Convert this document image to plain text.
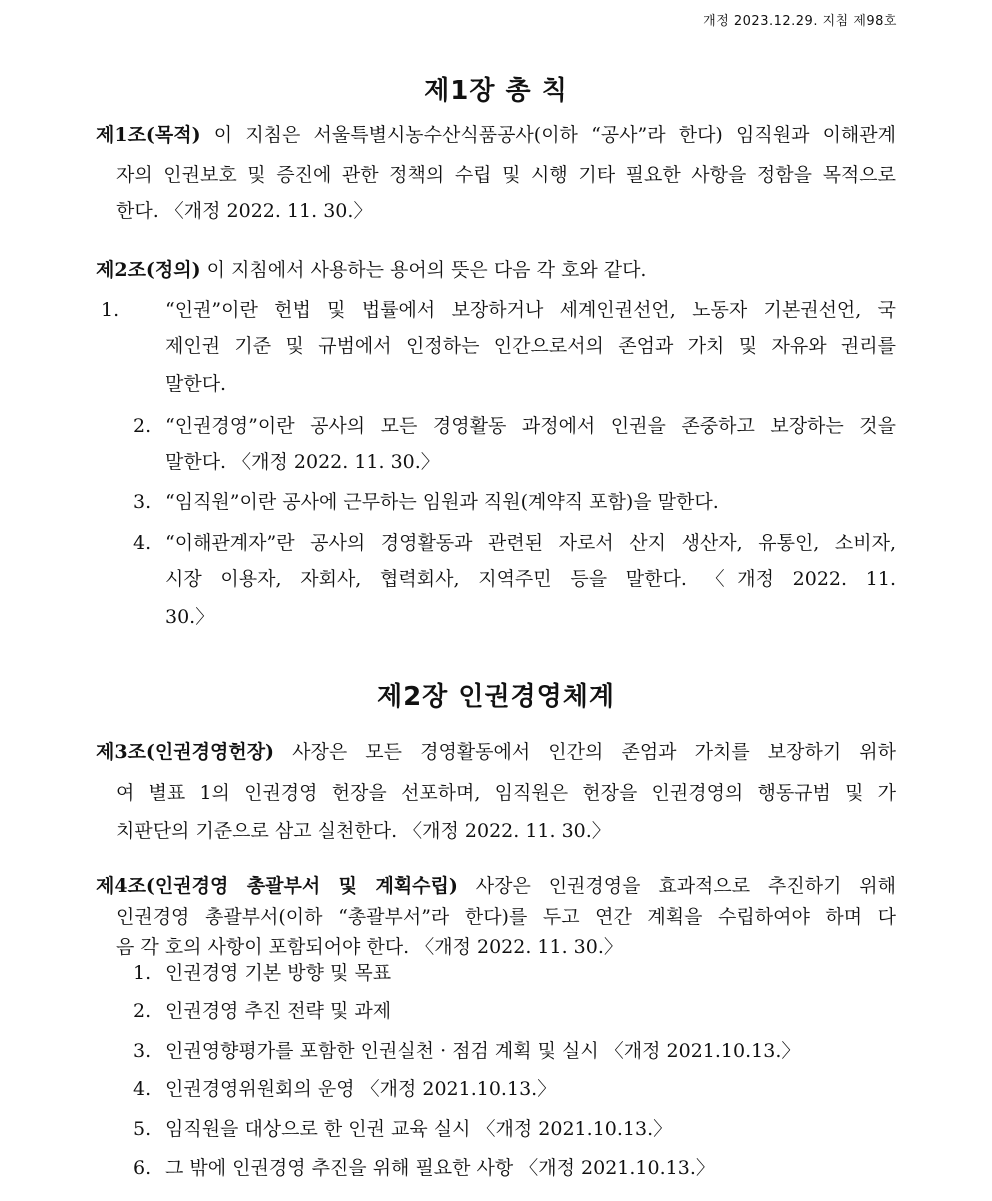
개정 2023.12.29. 지침 제98호
제1장 총 칙
제1조(목적) 이 지침은 서울특별시농수산식품공사(이하 “공사”라 한다) 임직원과 이해관계
자의 인권보호 및 증진에 관한 정책의 수립 및 시행 기타 필요한 사항을 정함을 목적으로
한다. 〈개정 2022. 11. 30.〉
제2조(정의) 이 지침에서 사용하는 용어의 뜻은 다음 각 호와 같다.
1. “인권”이란 헌법 및 법률에서 보장하거나 세계인권선언, 노동자 기본권선언, 국
제인권 기준 및 규범에서 인정하는 인간으로서의 존엄과 가치 및 자유와 권리를
말한다.
2. “인권경영”이란 공사의 모든 경영활동 과정에서 인권을 존중하고 보장하는 것을
말한다. 〈개정 2022. 11. 30.〉
3. “임직원”이란 공사에 근무하는 임원과 직원(계약직 포함)을 말한다.
4. “이해관계자”란 공사의 경영활동과 관련된 자로서 산지 생산자, 유통인, 소비자,
시장 이용자, 자회사, 협력회사, 지역주민 등을 말한다. 〈개정 2022. 11.
30.〉
제2장 인권경영체계
제3조(인권경영헌장) 사장은 모든 경영활동에서 인간의 존엄과 가치를 보장하기 위하
여 별표 1의 인권경영 헌장을 선포하며, 임직원은 헌장을 인권경영의 행동규범 및 가
치판단의 기준으로 삼고 실천한다. 〈개정 2022. 11. 30.〉
제4조(인권경영 총괄부서 및 계획수립) 사장은 인권경영을 효과적으로 추진하기 위해
인권경영 총괄부서(이하 “총괄부서”라 한다)를 두고 연간 계획을 수립하여야 하며 다
음 각 호의 사항이 포함되어야 한다. 〈개정 2022. 11. 30.〉
1. 인권경영 기본 방향 및 목표
2. 인권경영 추진 전략 및 과제
3. 인권영향평가를 포함한 인권실천 · 점검 계획 및 실시 〈개정 2021.10.13.〉
4. 인권경영위원회의 운영 〈개정 2021.10.13.〉
5. 임직원을 대상으로 한 인권 교육 실시 〈개정 2021.10.13.〉
6. 그 밖에 인권경영 추진을 위해 필요한 사항 〈개정 2021.10.13.〉
